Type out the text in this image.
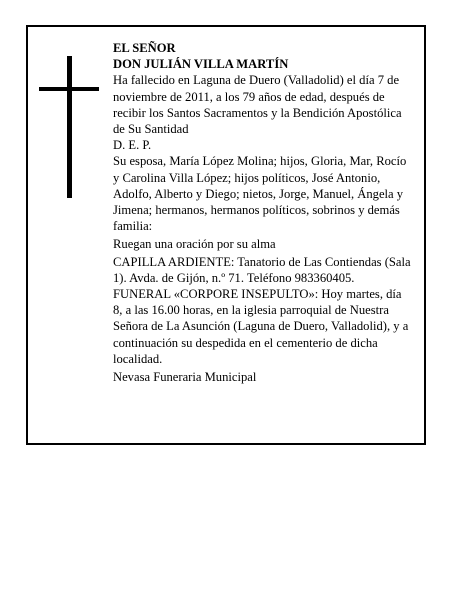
EL SEÑOR

DON JULIÁN VILLA MARTÍN

Ha fallecido en Laguna de Duero (Valladolid) el día 7 de noviembre de 2011, a los 79 años de edad, después de recibir los Santos Sacramentos y la Bendición Apostólica de Su Santidad

D. E. P.

Su esposa, María López Molina; hijos, Gloria, Mar, Rocío y Carolina Villa López; hijos políticos, José Antonio, Adolfo, Alberto y Diego; nietos, Jorge, Manuel, Ángela y Jimena; hermanos, hermanos políticos, sobrinos y demás familia:

Ruegan una oración por su alma

CAPILLA ARDIENTE: Tanatorio de Las Contiendas (Sala 1). Avda. de Gijón, n.º 71. Teléfono 983360405.

FUNERAL «CORPORE INSEPULTO»: Hoy martes, día 8, a las 16.00 horas, en la iglesia parroquial de Nuestra Señora de La Asunción (Laguna de Duero, Valladolid), y a continuación su despedida en el cementerio de dicha localidad.

Nevasa Funeraria Municipal
